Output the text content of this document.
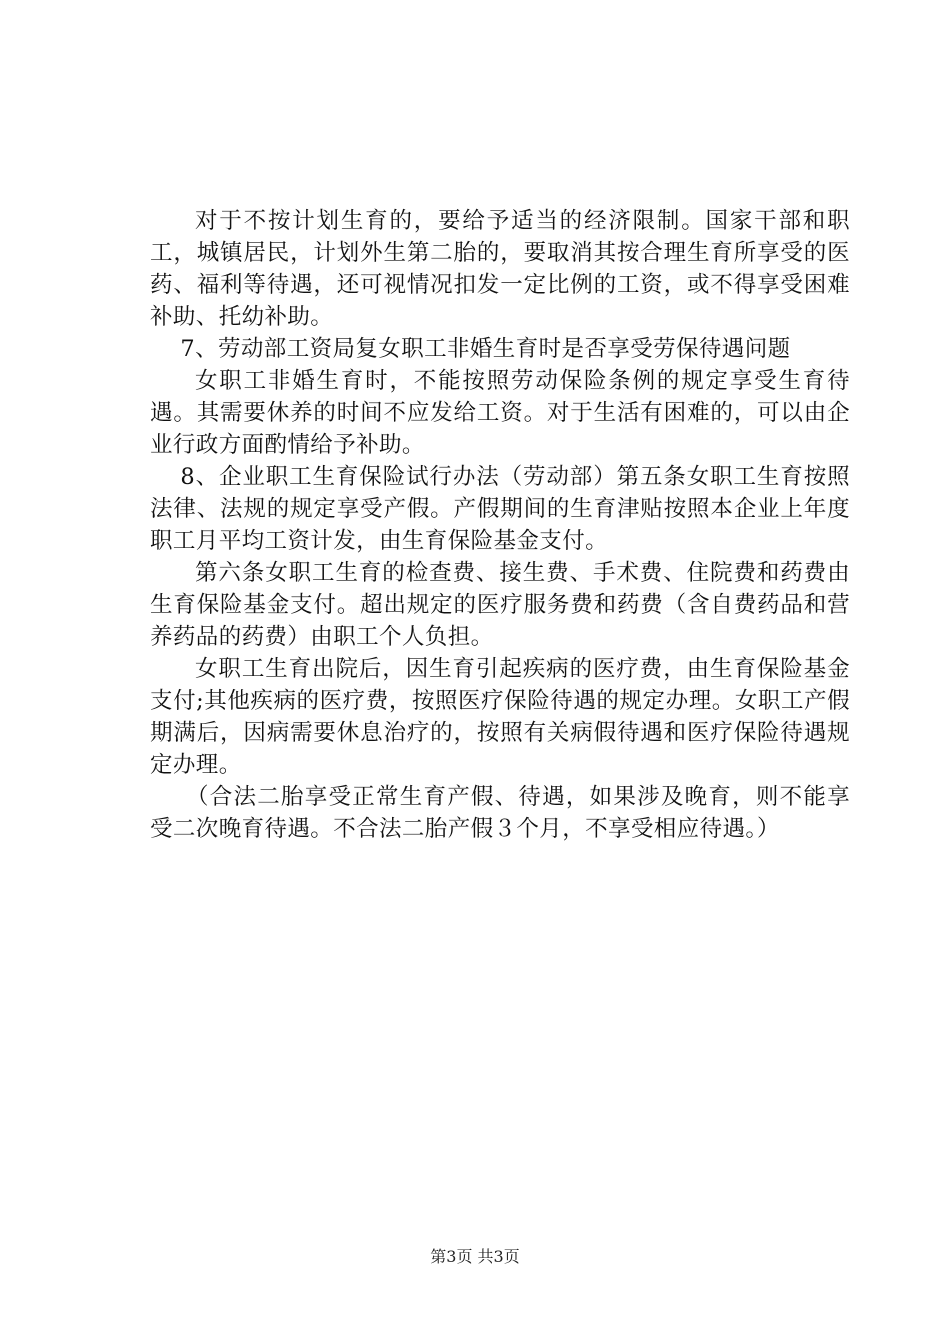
对于不按计划生育的，要给予适当的经济限制。国家干部和职工，城镇居民，计划外生第二胎的，要取消其按合理生育所享受的医药、福利等待遇，还可视情况扣发一定比例的工资，或不得享受困难补助、托幼补助。

7、劳动部工资局复女职工非婚生育时是否享受劳保待遇问题

女职工非婚生育时，不能按照劳动保险条例的规定享受生育待遇。其需要休养的时间不应发给工资。对于生活有困难的，可以由企业行政方面酌情给予补助。

8、企业职工生育保险试行办法（劳动部）第五条女职工生育按照法律、法规的规定享受产假。产假期间的生育津贴按照本企业上年度职工月平均工资计发，由生育保险基金支付。

第六条女职工生育的检查费、接生费、手术费、住院费和药费由生育保险基金支付。超出规定的医疗服务费和药费（含自费药品和营养药品的药费）由职工个人负担。

女职工生育出院后，因生育引起疾病的医疗费，由生育保险基金支付;其他疾病的医疗费，按照医疗保险待遇的规定办理。女职工产假期满后，因病需要休息治疗的，按照有关病假待遇和医疗保险待遇规定办理。

（合法二胎享受正常生育产假、待遇，如果涉及晚育，则不能享受二次晚育待遇。不合法二胎产假３个月，不享受相应待遇。）

第3页 共3页
